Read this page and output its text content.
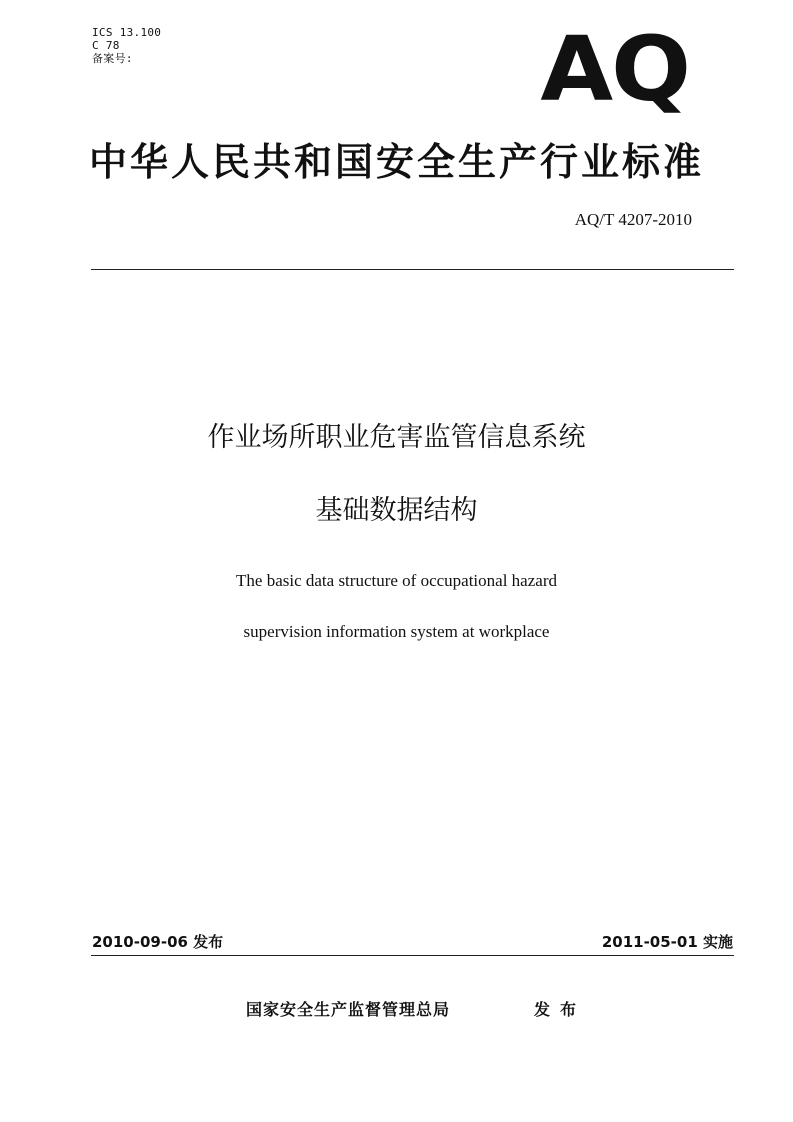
ICS 13.100
C 78
备案号:	AQ
中华人民共和国安全生产行业标准
AQ/T 4207-2010
作业场所职业危害监管信息系统
基础数据结构
The basic data structure of occupational hazard
supervision information system at workplace
2010-09-06 发布	2011-05-01 实施
国家安全生产监督管理总局	发布
